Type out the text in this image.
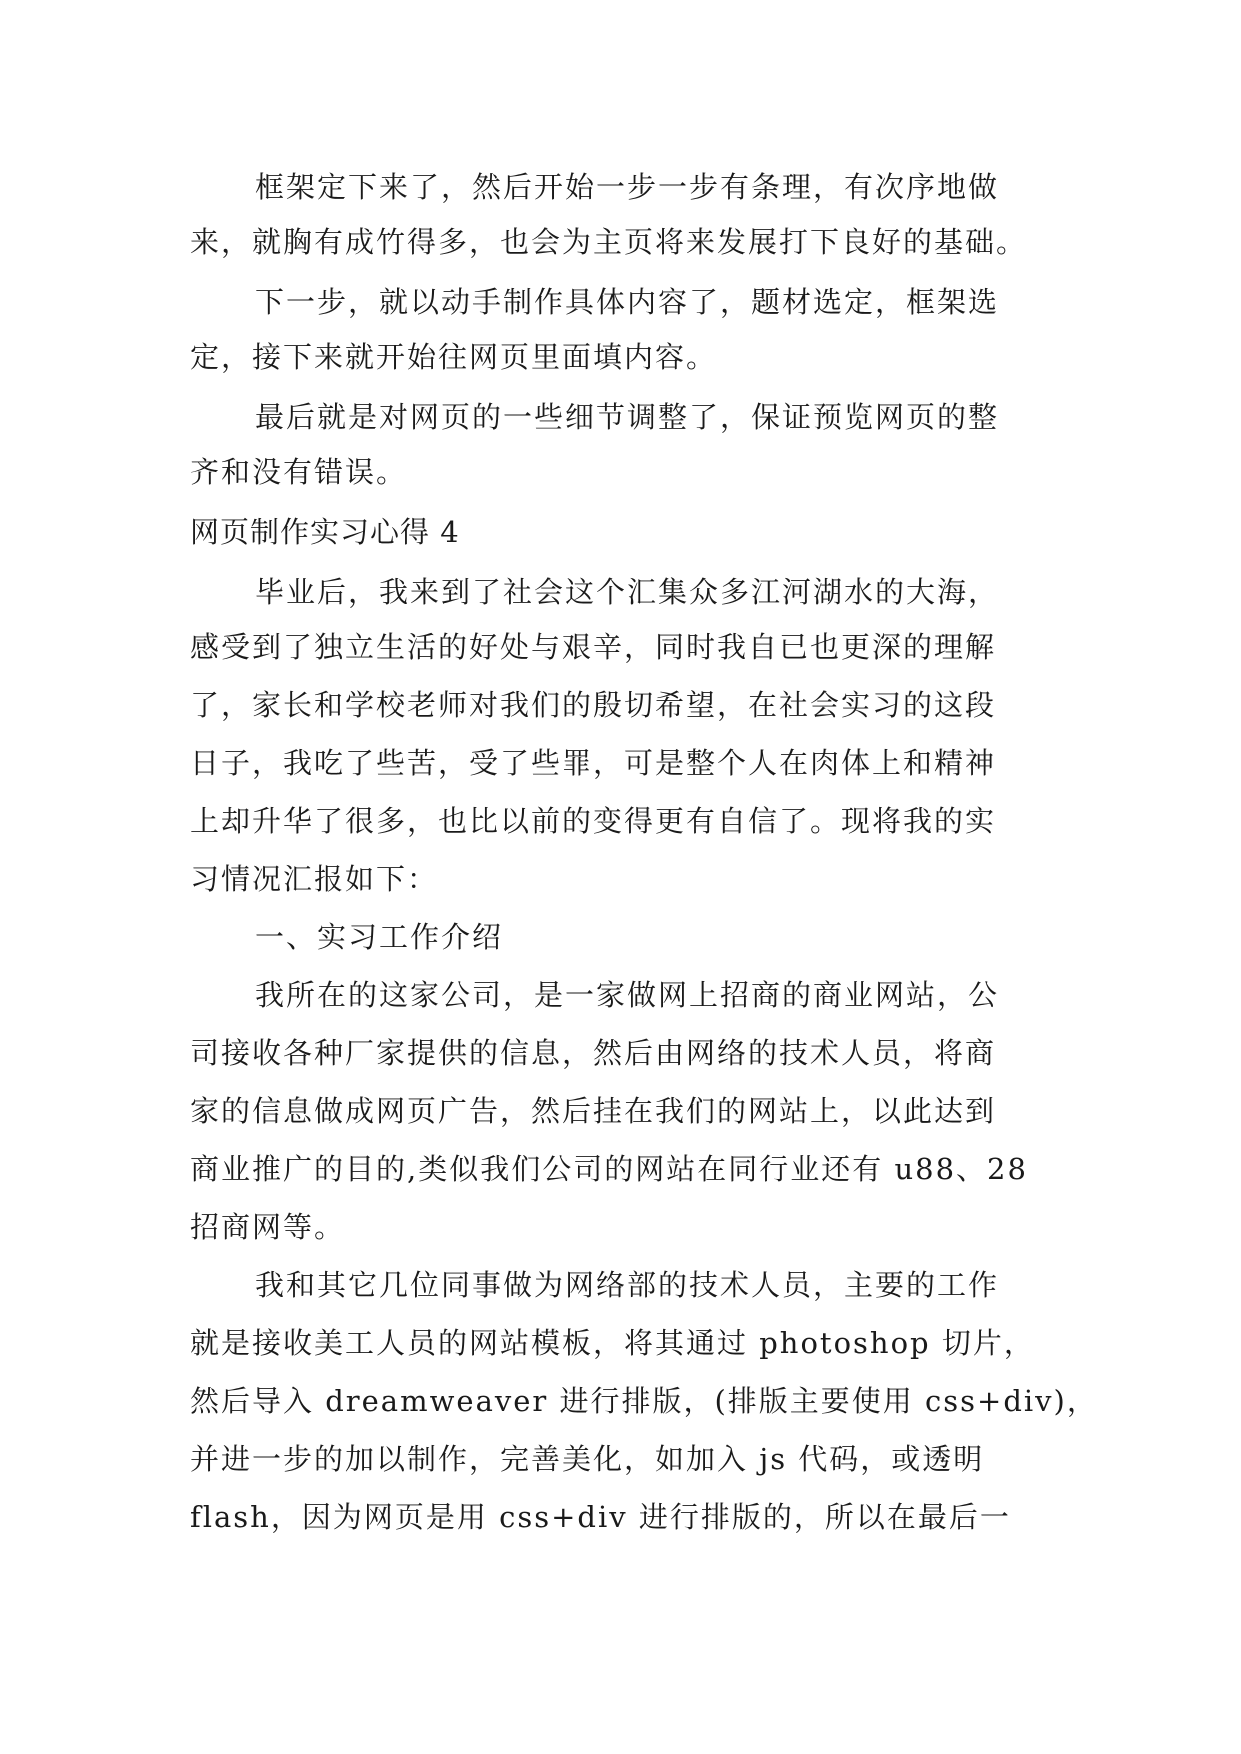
框架定下来了，然后开始一步一步有条理，有次序地做
来，就胸有成竹得多，也会为主页将来发展打下良好的基础。
下一步，就以动手制作具体内容了，题材选定，框架选
定，接下来就开始往网页里面填内容。
最后就是对网页的一些细节调整了，保证预览网页的整
齐和没有错误。
网页制作实习心得 4
毕业后，我来到了社会这个汇集众多江河湖水的大海，
感受到了独立生活的好处与艰辛，同时我自已也更深的理解
了，家长和学校老师对我们的殷切希望，在社会实习的这段
日子，我吃了些苦，受了些罪，可是整个人在肉体上和精神
上却升华了很多，也比以前的变得更有自信了。现将我的实
习情况汇报如下：
一、实习工作介绍
我所在的这家公司，是一家做网上招商的商业网站，公
司接收各种厂家提供的信息，然后由网络的技术人员，将商
家的信息做成网页广告，然后挂在我们的网站上，以此达到
商业推广的目的,类似我们公司的网站在同行业还有 u88、28
招商网等。
我和其它几位同事做为网络部的技术人员，主要的工作
就是接收美工人员的网站模板，将其通过 photoshop 切片，
然后导入 dreamweaver 进行排版，(排版主要使用 css+div)，
并进一步的加以制作，完善美化，如加入 js 代码，或透明
flash，因为网页是用 css+div 进行排版的，所以在最后一
